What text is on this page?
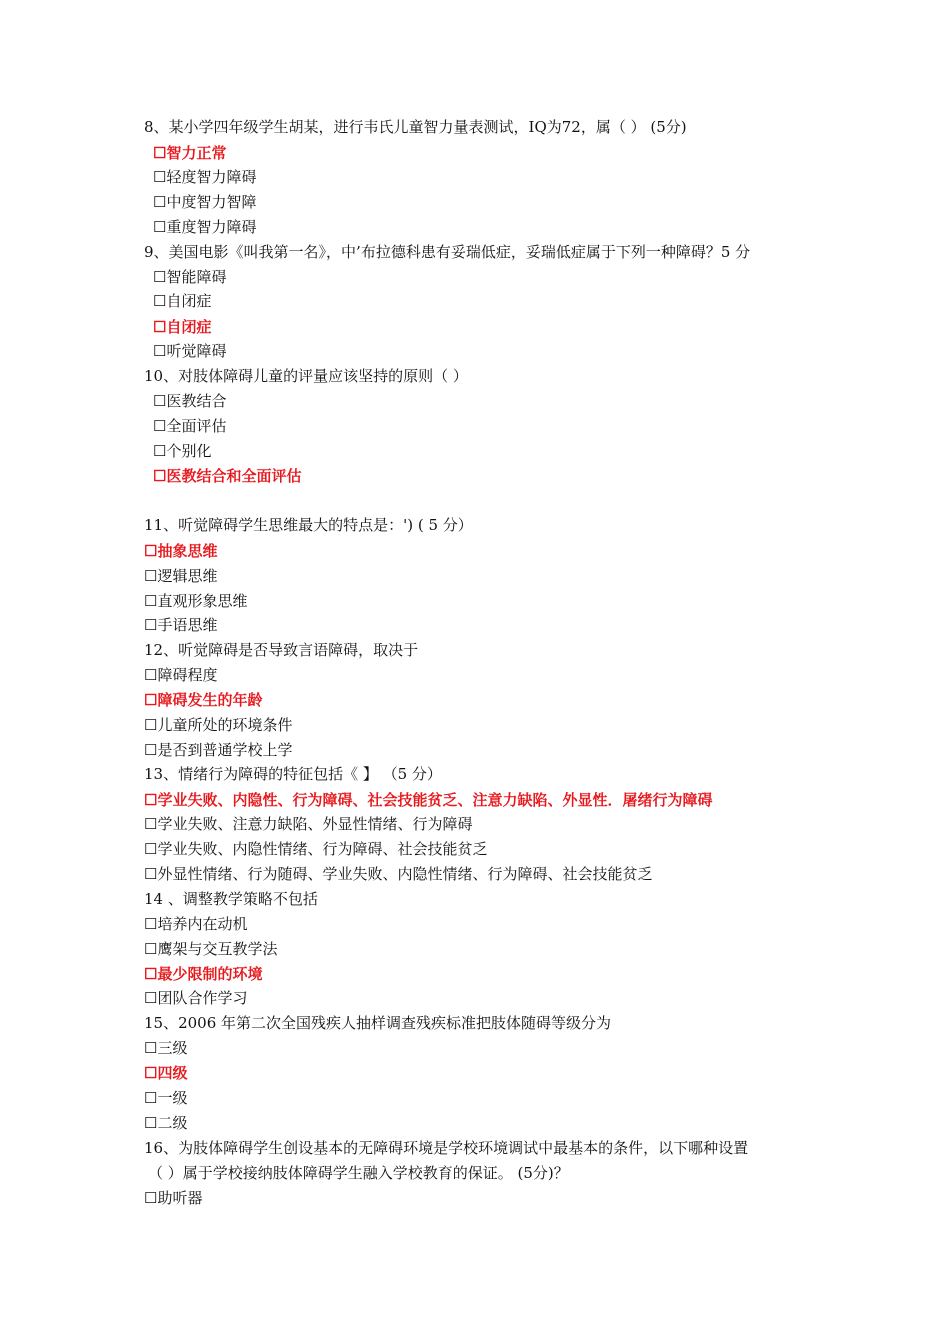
8、某小学四年级学生胡某，进行韦氏儿童智力量表测试，IQ为72，属（ ） (5分)
☐智力正常
☐轻度智力障碍
☐中度智力智障
☐重度智力障碍
9、美国电影《叫我第一名》，中’布拉德科患有妥瑞低症，妥瑞低症属于下列一种障碍？5 分
☐智能障碍
☐自闭症
☐自闭症
☐听觉障碍
10、对肢体障碍儿童的评量应该坚持的原则（ ）
☐医教结合
☐全面评估
☐个别化
☐医教结合和全面评估
11、听觉障碍学生思维最大的特点是：') ( 5 分）
☐抽象思维
☐逻辑思维
☐直观形象思维
☐手语思维
12、听觉障碍是否导致言语障碍，取决于
☐障碍程度
☐障碍发生的年龄
☐儿童所处的环境条件
☐是否到普通学校上学
13、情绪行为障碍的特征包括《 】 （5 分）
☐学业失败、内隐性、行为障碍、社会技能贫乏、注意力缺陷、外显性．屠绪行为障碍
☐学业失败、注意力缺陷、外显性情绪、行为障碍
☐学业失败、内隐性情绪、行为障碍、社会技能贫乏
☐外显性情绪、行为随碍、学业失败、内隐性情绪、行为障碍、社会技能贫乏
14 、调整教学策略不包括
☐培养内在动机
☐鹰架与交互教学法
☐最少限制的环境
☐团队合作学习
15、2006 年第二次全国残疾人抽样调查残疾标准把肢体随碍等级分为
☐三级
☐四级
☐一级
☐二级
16、为肢体障碍学生创设基本的无障碍环境是学校环境调试中最基本的条件，以下哪种设置
（ ）属于学校接纳肢体障碍学生融入学校教育的保证。 (5分)？
☐助听器
